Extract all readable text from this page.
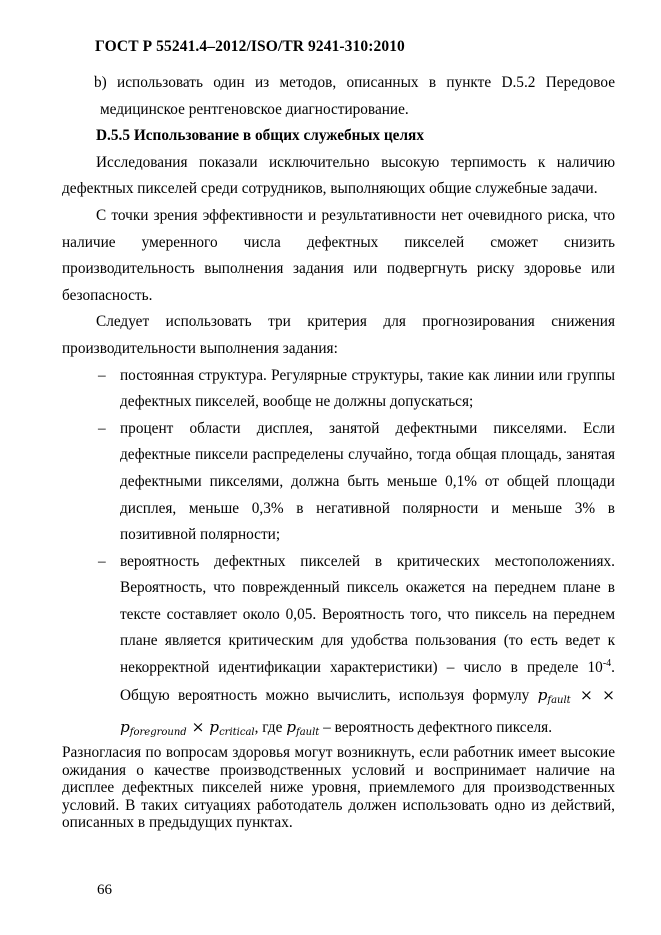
ГОСТ Р 55241.4–2012/ISO/TR 9241-310:2010

b) использовать один из методов, описанных в пункте D.5.2 Передовое медицинское рентгеновское диагностирование.

D.5.5 Использование в общих служебных целях

Исследования показали исключительно высокую терпимость к наличию дефектных пикселей среди сотрудников, выполняющих общие служебные задачи.

С точки зрения эффективности и результативности нет очевидного риска, что наличие умеренного числа дефектных пикселей сможет снизить производительность выполнения задания или подвергнуть риску здоровье или безопасность.

Следует использовать три критерия для прогнозирования снижения производительности выполнения задания:

– постоянная структура. Регулярные структуры, такие как линии или группы дефектных пикселей, вообще не должны допускаться;
– процент области дисплея, занятой дефектными пикселями. Если дефектные пиксели распределены случайно, тогда общая площадь, занятая дефектными пикселями, должна быть меньше 0,1% от общей площади дисплея, меньше 0,3% в негативной полярности и меньше 3% в позитивной полярности;
– вероятность дефектных пикселей в критических местоположениях. Вероятность, что поврежденный пиксель окажется на переднем плане в тексте составляет около 0,05. Вероятность того, что пиксель на переднем плане является критическим для удобства пользования (то есть ведет к некорректной идентификации характеристики) – число в пределе $10^{-4}$. Общую вероятность можно вычислить, используя формулу $p_{fault}$ × × $p_{foreground} \times p_{critical}$, где $p_{fault}$ – вероятность дефектного пикселя.

Разногласия по вопросам здоровья могут возникнуть, если работник имеет высокие ожидания о качестве производственных условий и воспринимает наличие на дисплее дефектных пикселей ниже уровня, приемлемого для производственных условий. В таких ситуациях работодатель должен использовать одно из действий, описанных в предыдущих пунктах.

66
